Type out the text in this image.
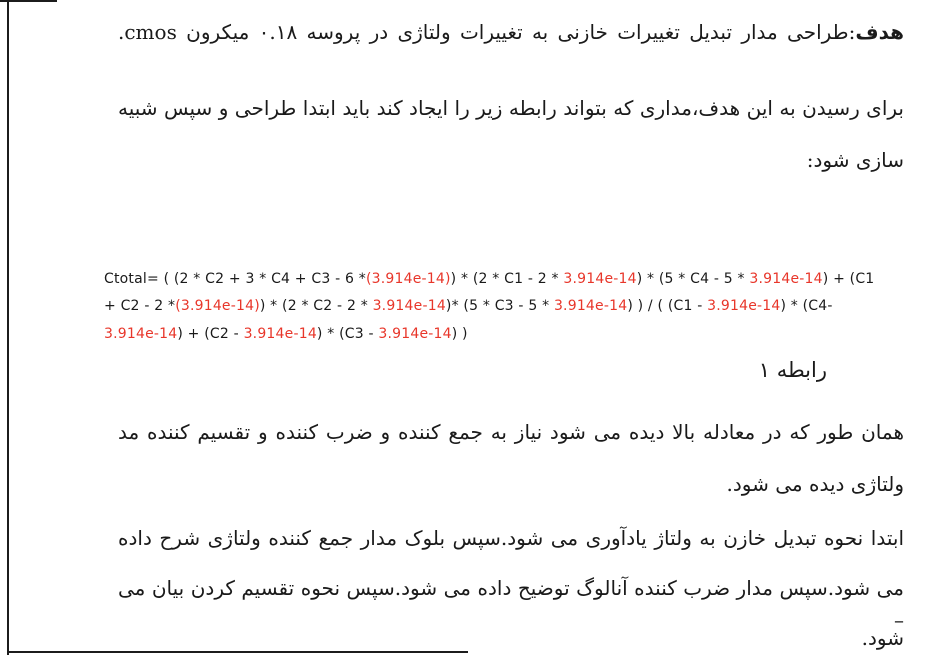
هدف:طراحی مدار تبدیل تغییرات خازنی به تغییرات ولتاژی در پروسه ۰.۱۸ میکرون cmos.
برای رسیدن به این هدف،مداری که بتواند رابطه زیر را ایجاد کند باید ابتدا طراحی و سپس شبیه
سازی شود:
Ctotal= ( (2 * C2 + 3 * C4 + C3 - 6 *(3.914e-14)) * (2 * C1 - 2 * 3.914e-14) * (5 * C4 - 5 * 3.914e-14) + (C1
+ C2 - 2 *(3.914e-14)) * (2 * C2 - 2 * 3.914e-14)* (5 * C3 - 5 * 3.914e-14) ) / ( (C1 - 3.914e-14) * (C4-
3.914e-14) + (C2 - 3.914e-14) * (C3 - 3.914e-14) )
رابطه ۱
همان طور که در معادله بالا دیده می شود نیاز به جمع کننده و ضرب کننده و تقسیم کننده مد
ولتاژی دیده می شود.
ابتدا نحوه تبدیل خازن به ولتاژ یادآوری می شود.سپس بلوک مدار جمع کننده ولتاژی شرح داده
می شود.سپس مدار ضرب کننده آنالوگ توضیح داده می شود.سپس نحوه تقسیم کردن بیان می –
شود.
